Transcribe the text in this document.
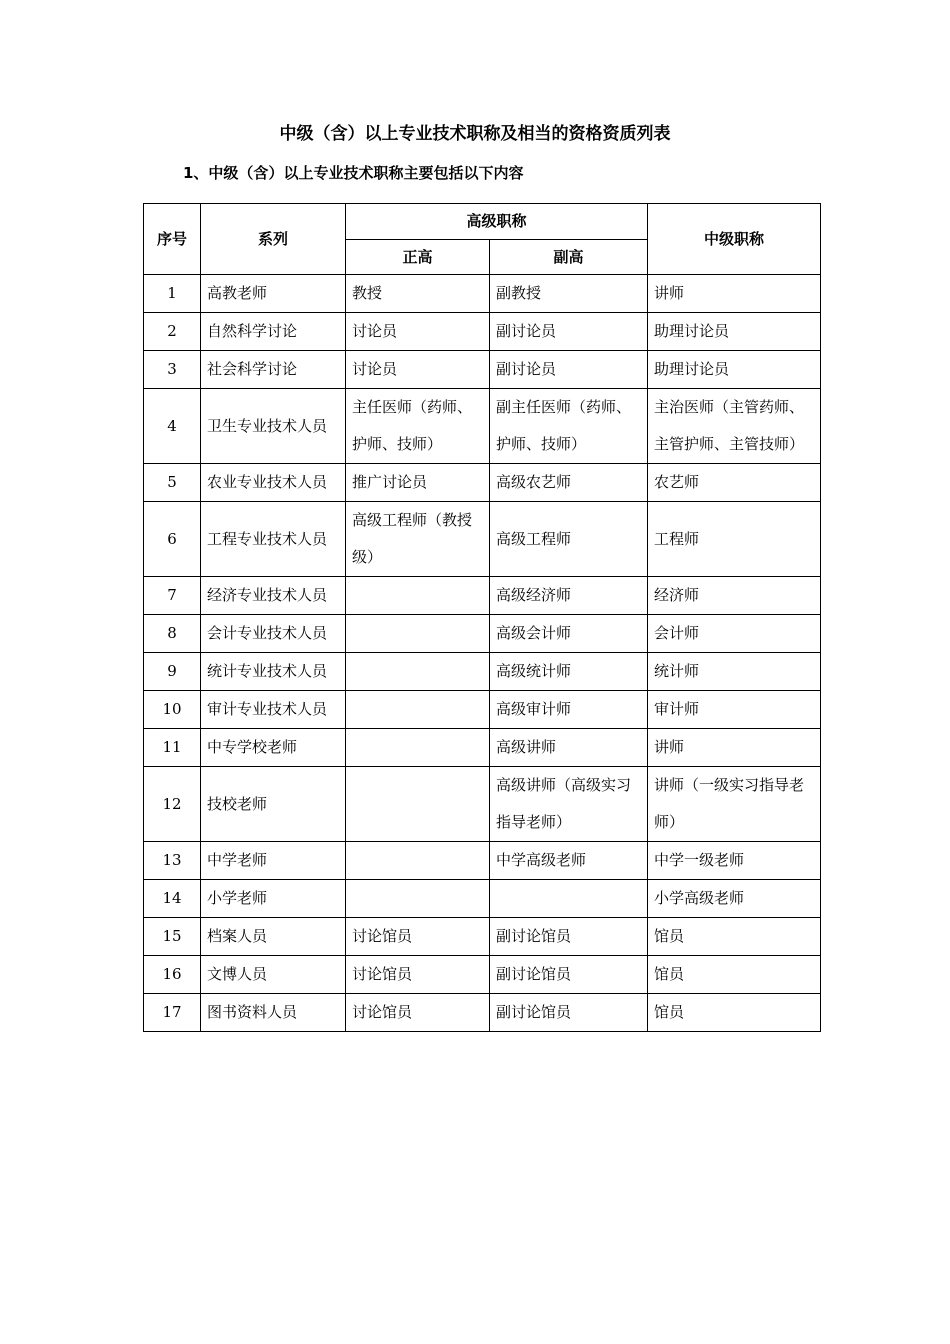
中级（含）以上专业技术职称及相当的资格资质列表
1、中级（含）以上专业技术职称主要包括以下内容
序号	系列	高级职称		中级职称
		正高	副高	
1	高教老师	教授	副教授	讲师
2	自然科学讨论	讨论员	副讨论员	助理讨论员
3	社会科学讨论	讨论员	副讨论员	助理讨论员
4	卫生专业技术人员	主任医师（药师、护师、技师）	副主任医师（药师、护师、技师）	主治医师（主管药师、主管护师、主管技师）
5	农业专业技术人员	推广讨论员	高级农艺师	农艺师
6	工程专业技术人员	高级工程师（教授级）	高级工程师	工程师
7	经济专业技术人员		高级经济师	经济师
8	会计专业技术人员		高级会计师	会计师
9	统计专业技术人员		高级统计师	统计师
10	审计专业技术人员		高级审计师	审计师
11	中专学校老师		高级讲师	讲师
12	技校老师		高级讲师（高级实习指导老师）	讲师（一级实习指导老师）
13	中学老师		中学高级老师	中学一级老师
14	小学老师			小学高级老师
15	档案人员	讨论馆员	副讨论馆员	馆员
16	文博人员	讨论馆员	副讨论馆员	馆员
17	图书资料人员	讨论馆员	副讨论馆员	馆员
